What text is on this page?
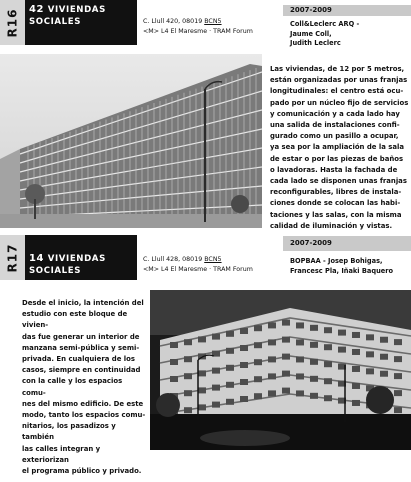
R16 42 VIVIENDAS
SOCIALES	C. Llull 420, 08019 BCN5
<M> L4 El Maresme · TRAM Forum
2007-2009
Coll&Leclerc ARQ -
Jaume Coll,
Judith Leclerc
Las viviendas, de 12 por 5 metros,
están organizadas por unas franjas
longitudinales: el centro está ocu-
pado por un núcleo fijo de servicios
y comunicación y a cada lado hay
una salida de instalaciones confi-
gurado como un pasillo a ocupar,
ya sea por la ampliación de la sala
de estar o por las piezas de baños
o lavadoras. Hasta la fachada de
cada lado se disponen unas franjas
reconfigurables, libres de instala-
ciones donde se colocan las habi-
taciones y las salas, con la misma
calidad de iluminación y vistas.
R17 14 VIVIENDAS
SOCIALES
C. Llull 428, 08019 BCN5
<M> L4 El Maresme · TRAM Forum
2007-2009
BOPBAA - Josep Bohigas,
Francesc Pla, Iñaki Baquero
Desde el inicio, la intención del
estudio con este bloque de vivien-
das fue generar un interior de
manzana semi-pública y semi-
privada. En cualquiera de los
casos, siempre en continuidad
con la calle y los espacios comu-
nes del mismo edificio. De este
modo, tanto los espacios comu-
nitarios, los pasadizos y también
las calles integran y exteriorizan
el programa público y privado.
